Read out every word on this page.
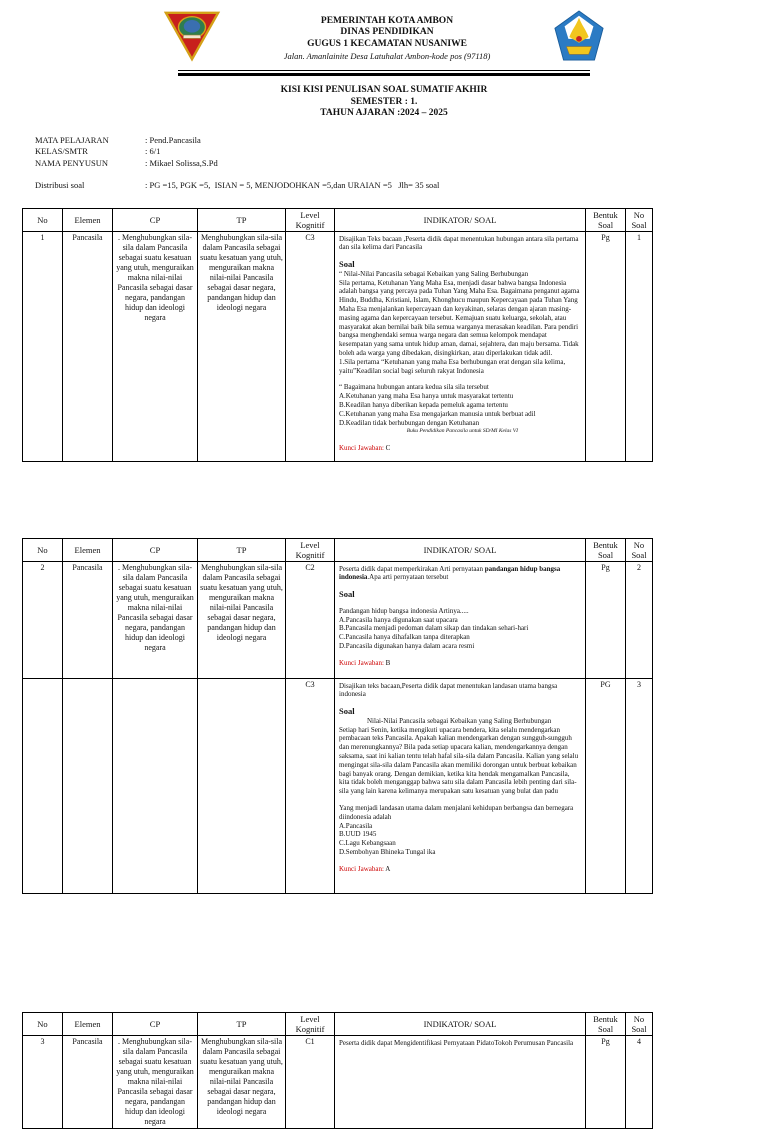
PEMERINTAH KOTA AMBON
DINAS PENDIDIKAN
GUGUS 1 KECAMATAN NUSANIWE
Jalan. Amanlainite Desa Latuhalat Ambon-kode pos (97118)
KISI KISI PENULISAN SOAL SUMATIF AKHIR
SEMESTER : 1.
TAHUN AJARAN :2024 – 2025
MATA PELAJARAN	: Pend.Pancasila
KELAS/SMTR	: 6/1
NAMA PENYUSUN	: Mikael Solissa,S.Pd
Distribusi soal	: PG =15, PGK =5,  ISIAN = 5, MENJODOHKAN =5,dan URAIAN =5   Jlh= 35 soal
No	Elemen	CP	TP	Level
Kognitif	INDIKATOR/ SOAL	Bentuk
Soal	No
Soal
1	Pancasila	. Menghubungkan sila-sila dalam Pancasila sebagai suatu kesatuan yang utuh, menguraikan makna nilai-nilai Pancasila sebagai dasar negara, pandangan hidup dan ideologi negara	Menghubungkan sila-sila dalam Pancasila sebagai suatu kesatuan yang utuh, menguraikan makna nilai-nilai Pancasila sebagai dasar negara, pandangan hidup dan ideologi negara	C3	Disajikan Teks bacaan ,Peserta didik dapat menentukan hubungan antara sila pertama dan sila kelima dari Pancasila
Soal
“ Nilai-Nilai Pancasila sebagai Kebaikan yang Saling Berhubungan
Sila pertama, Ketuhanan Yang Maha Esa, menjadi dasar bahwa bangsa Indonesia adalah bangsa yang percaya pada Tuhan Yang Maha Esa. Bagaimana penganut agama Hindu, Buddha, Kristiani, Islam, Khonghucu maupun Kepercayaan pada Tuhan Yang Maha Esa menjalankan kepercayaan dan keyakinan, selaras dengan ajaran masing-masing agama dan kepercayaan tersebut. Kemajuan suatu keluarga, sekolah, atau masyarakat akan bernilai baik bila semua warganya merasakan keadilan. Para pendiri bangsa menghendaki semua warga negara dan semua kelompok mendapat kesempatan yang sama untuk hidup aman, damai, sejahtera, dan maju bersama. Tidak boleh ada warga yang dibedakan, disingkirkan, atau diperlakukan tidak adil.
1.Sila pertama “Ketuhanan yang maha Esa berhubungan erat dengan sila kelima, yaitu”Keadilan social bagi seluruh rakyat Indonesia
“ Bagaimana hubungan antara kedua sila sila tersebut
A.Ketuhanan yang maha Esa hanya untuk masyarakat tertentu
B.Keadilan hanya diberikan kepada pemeluk agama tertentu
C.Ketuhanan yang maha Esa mengajarkan manusia untuk berbuat adil
D.Keadilan tidak berhubungan dengan Ketuhanan
Buku Pendidikan Pancasila untuk SD/MI Kelas VI
Kunci Jawaban: C
	Pg	1
No	Elemen	CP	TP	Level
Kognitif	INDIKATOR/ SOAL	Bentuk
Soal	No
Soal
2	Pancasila	. Menghubungkan sila-sila dalam Pancasila sebagai suatu kesatuan yang utuh, menguraikan makna nilai-nilai Pancasila sebagai dasar negara, pandangan hidup dan ideologi negara	Menghubungkan sila-sila dalam Pancasila sebagai suatu kesatuan yang utuh, menguraikan makna nilai-nilai Pancasila sebagai dasar negara, pandangan hidup dan ideologi negara	C2	Peserta didik dapat memperkirakan Arti pernyataan pandangan hidup bangsa indonesia.Apa arti pernyataan tersebut
Soal
Pandangan hidup bangsa indonesia Artinya.....
A.Pancasila hanya digunakan saat upacara
B.Pancasila menjadi pedoman dalam sikap dan tindakan sehari-hari
C.Pancasila hanya dihafalkan tanpa diterapkan
D.Pancasila digunakan hanya dalam acara resmi
Kunci Jawaban: B
	Pg	2
				C3	Disajikan teks bacaan,Peserta didik dapat menentukan landasan utama bangsa indonesia
Soal
Nilai-Nilai Pancasila sebagai Kebaikan yang Saling Berhubungan
Setiap hari Senin, ketika mengikuti upacara bendera, kita selalu mendengarkan pembacaan teks Pancasila. Apakah kalian mendengarkan dengan sungguh-sungguh dan merenungkannya? Bila pada setiap upacara kalian, mendengarkannya dengan saksama, saat ini kalian tentu telah hafal sila-sila dalam Pancasila. Kalian yang selalu mengingat sila-sila dalam Pancasila akan memiliki dorongan untuk berbuat kebaikan bagi banyak orang. Dengan demikian, ketika kita hendak mengamalkan Pancasila, kita tidak boleh menganggap bahwa satu sila dalam Pancasila lebih penting dari sila-sila yang lain karena kelimanya merupakan satu kesatuan yang bulat dan padu
Yang menjadi landasan utama dalam menjalani kehidupan berbangsa dan bernegara diindonesia adalah
A.Pancasila
B.UUD 1945
C.Lagu Kebangsaan
D.Sembohyan Bhineka Tungal ika
Kunci Jawaban: A
	PG	3
No	Elemen	CP	TP	Level
Kognitif	INDIKATOR/ SOAL	Bentuk
Soal	No
Soal
3	Pancasila	. Menghubungkan sila-sila dalam Pancasila sebagai suatu kesatuan yang utuh, menguraikan makna nilai-nilai Pancasila sebagai dasar negara, pandangan hidup dan ideologi negara	Menghubungkan sila-sila dalam Pancasila sebagai suatu kesatuan yang utuh, menguraikan makna nilai-nilai Pancasila sebagai dasar negara, pandangan hidup dan ideologi negara	C1	Peserta didik dapat Mengidentifikasi Pernyataan PidatoTokoh Perumusan Pancasila	Pg	4
